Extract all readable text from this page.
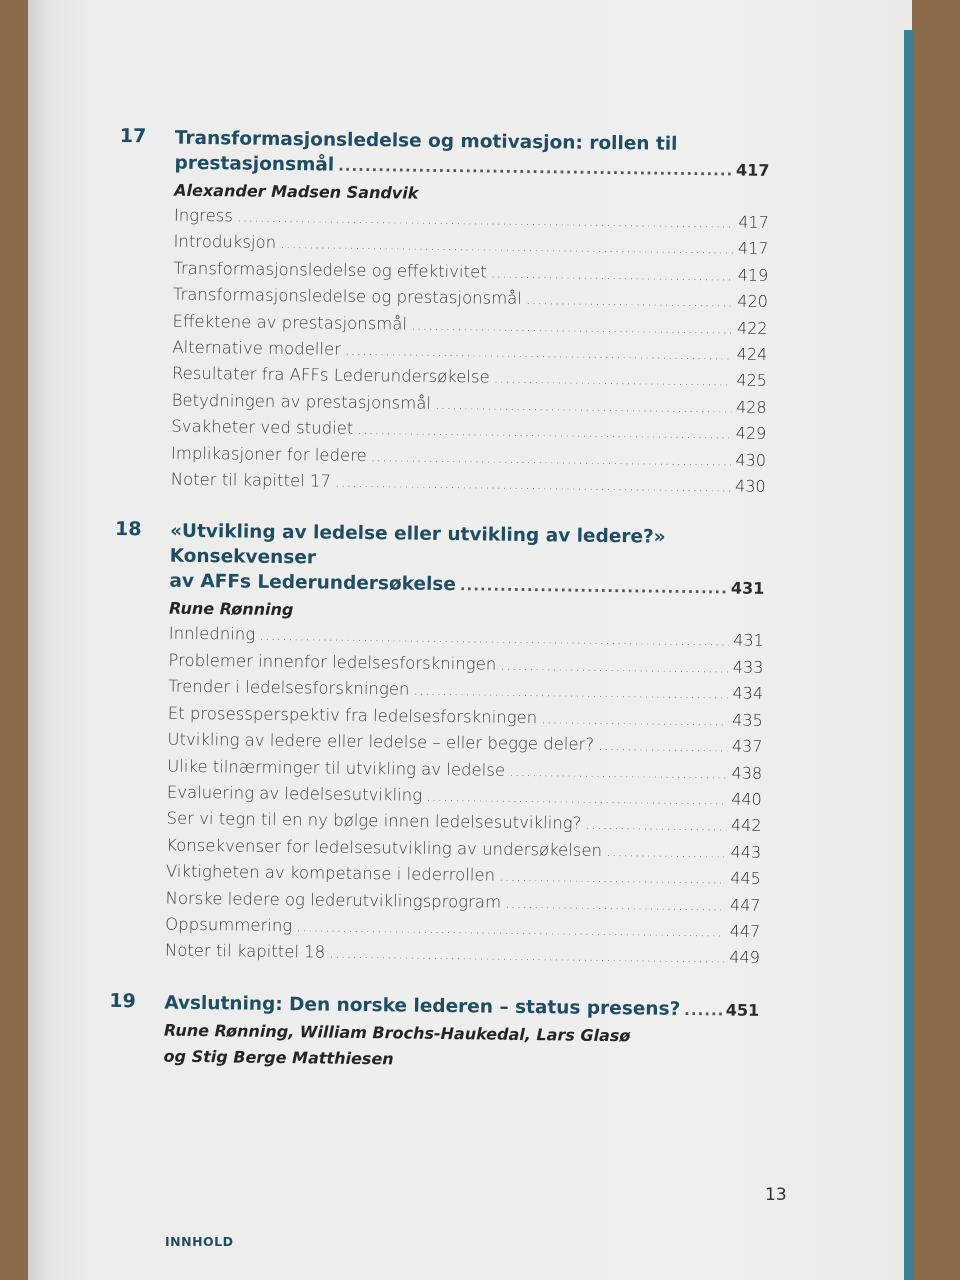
17 Transformasjonsledelse og motivasjon: rollen til
prestasjonsmål .....	417
Alexander Madsen Sandvik
Ingress .....	417
Introduksjon .....	417
Transformasjonsledelse og effektivitet .....	419
Transformasjonsledelse og prestasjonsmål .....	420
Effektene av prestasjonsmål .....	422
Alternative modeller .....	424
Resultater fra AFFs Lederundersøkelse .....	425
Betydningen av prestasjonsmål .....	428
Svakheter ved studiet .....	429
Implikasjoner for ledere .....	430
Noter til kapittel 17 .....	430
18 «Utvikling av ledelse eller utvikling av ledere?» Konsekvenser
av AFFs Lederundersøkelse .....	431
Rune Rønning
Innledning .....	431
Problemer innenfor ledelsesforskningen .....	433
Trender i ledelsesforskningen .....	434
Et prosessperspektiv fra ledelsesforskningen .....	435
Utvikling av ledere eller ledelse – eller begge deler? .....	437
Ulike tilnærminger til utvikling av ledelse .....	438
Evaluering av ledelsesutvikling .....	440
Ser vi tegn til en ny bølge innen ledelsesutvikling? .....	442
Konsekvenser for ledelsesutvikling av undersøkelsen .....	443
Viktigheten av kompetanse i lederrollen .....	445
Norske ledere og lederutviklingsprogram .....	447
Oppsummering .....	447
Noter til kapittel 18 .....	449
19 Avslutning: Den norske lederen – status presens? .....	451
Rune Rønning, William Brochs-Haukedal, Lars Glasø
og Stig Berge Matthiesen
13
INNHOLD
